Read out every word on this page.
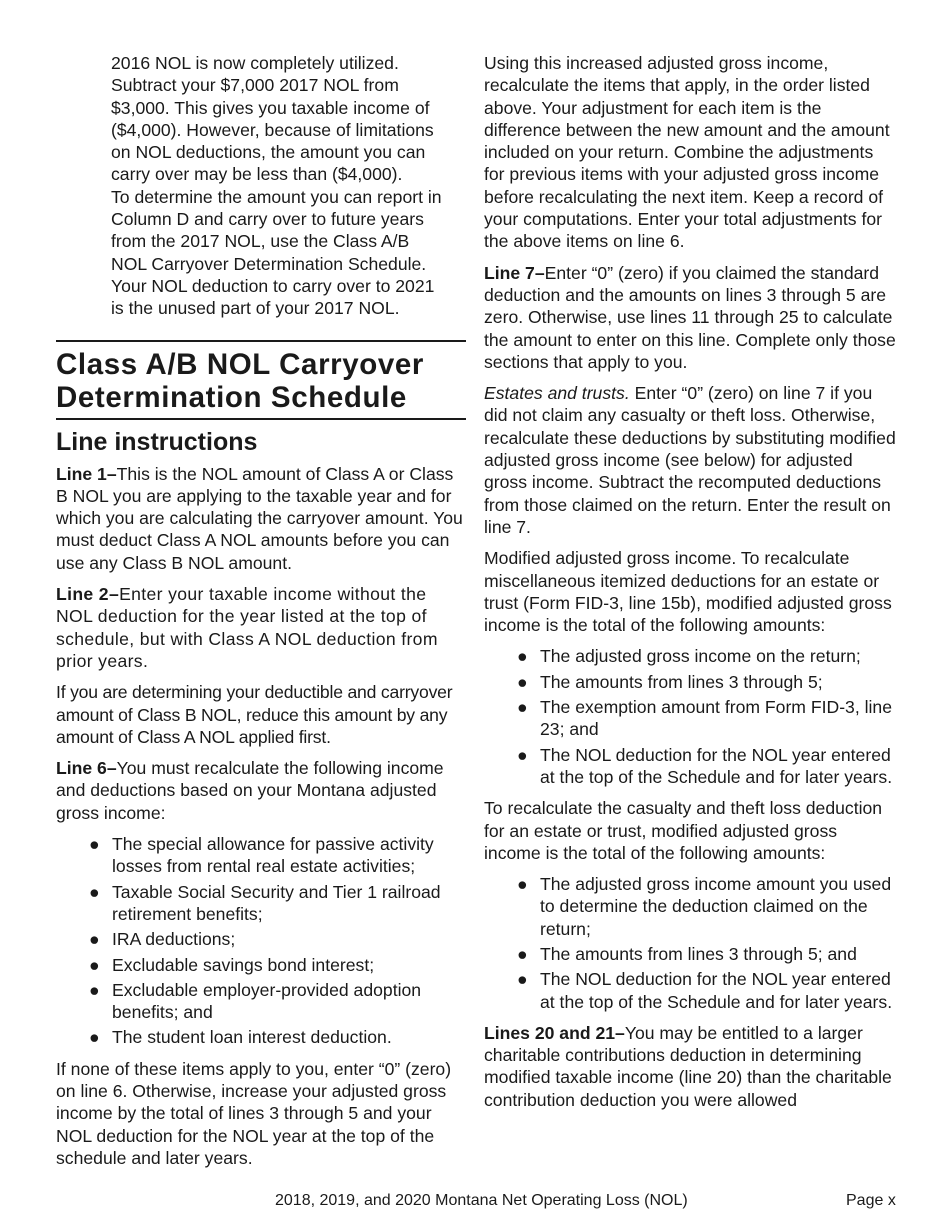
2016 NOL is now completely utilized.
Subtract your $7,000 2017 NOL from
$3,000. This gives you taxable income of
($4,000). However, because of limitations
on NOL deductions, the amount you can
carry over may be less than ($4,000).
To determine the amount you can report in
Column D and carry over to future years
from the 2017 NOL, use the Class A/B
NOL Carryover Determination Schedule.
Your NOL deduction to carry over to 2021
is the unused part of your 2017 NOL.
Class A/B NOL Carryover
Determination Schedule
Line instructions

Line 1–This is the NOL amount of Class A or Class B NOL you are applying to the taxable year and for which you are calculating the carryover amount. You must deduct Class A NOL amounts before you can use any Class B NOL amount.

Line 2–Enter your taxable income without the NOL deduction for the year listed at the top of schedule, but with Class A NOL deduction from prior years.

If you are determining your deductible and carryover amount of Class B NOL, reduce this amount by any amount of Class A NOL applied first.

Line 6–You must recalculate the following income and deductions based on your Montana adjusted gross income:

● The special allowance for passive activity losses from rental real estate activities;
● Taxable Social Security and Tier 1 railroad retirement benefits;
● IRA deductions;
● Excludable savings bond interest;
● Excludable employer-provided adoption benefits; and
● The student loan interest deduction.

If none of these items apply to you, enter “0” (zero) on line 6. Otherwise, increase your adjusted gross income by the total of lines 3 through 5 and your NOL deduction for the NOL year at the top of the schedule and later years.

Using this increased adjusted gross income, recalculate the items that apply, in the order listed above. Your adjustment for each item is the difference between the new amount and the amount included on your return. Combine the adjustments for previous items with your adjusted gross income before recalculating the next item. Keep a record of your computations. Enter your total adjustments for the above items on line 6.

Line 7–Enter “0” (zero) if you claimed the standard deduction and the amounts on lines 3 through 5 are zero. Otherwise, use lines 11 through 25 to calculate the amount to enter on this line. Complete only those sections that apply to you.

Estates and trusts. Enter “0” (zero) on line 7 if you did not claim any casualty or theft loss. Otherwise, recalculate these deductions by substituting modified adjusted gross income (see below) for adjusted gross income. Subtract the recomputed deductions from those claimed on the return. Enter the result on line 7.

Modified adjusted gross income. To recalculate miscellaneous itemized deductions for an estate or trust (Form FID-3, line 15b), modified adjusted gross income is the total of the following amounts:

● The adjusted gross income on the return;
● The amounts from lines 3 through 5;
● The exemption amount from Form FID-3, line 23; and
● The NOL deduction for the NOL year entered at the top of the Schedule and for later years.

To recalculate the casualty and theft loss deduction for an estate or trust, modified adjusted gross income is the total of the following amounts:

● The adjusted gross income amount you used to determine the deduction claimed on the return;
● The amounts from lines 3 through 5; and
● The NOL deduction for the NOL year entered at the top of the Schedule and for later years.

Lines 20 and 21–You may be entitled to a larger charitable contributions deduction in determining modified taxable income (line 20) than the charitable contribution deduction you were allowed

2018, 2019, and 2020 Montana Net Operating Loss (NOL)	Page x
